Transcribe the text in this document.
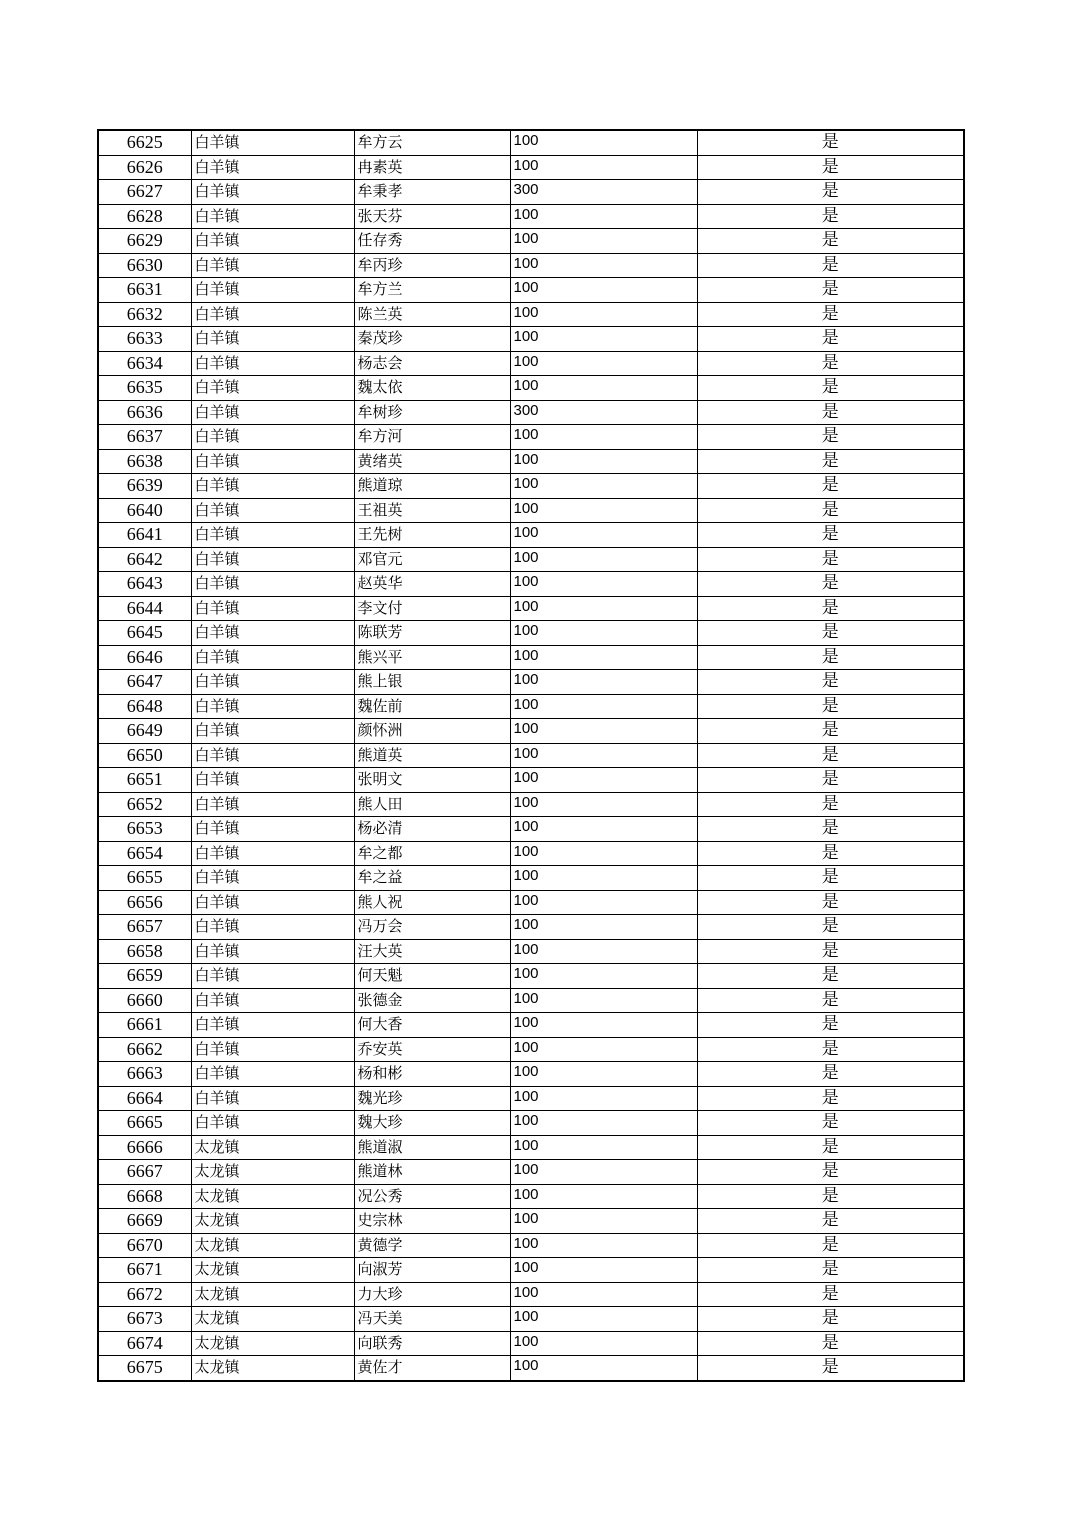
6625	白羊镇	牟方云	100	是
6626	白羊镇	冉素英	100	是
6627	白羊镇	牟秉孝	300	是
6628	白羊镇	张天芬	100	是
6629	白羊镇	任存秀	100	是
6630	白羊镇	牟丙珍	100	是
6631	白羊镇	牟方兰	100	是
6632	白羊镇	陈兰英	100	是
6633	白羊镇	秦茂珍	100	是
6634	白羊镇	杨志会	100	是
6635	白羊镇	魏太依	100	是
6636	白羊镇	牟树珍	300	是
6637	白羊镇	牟方河	100	是
6638	白羊镇	黄绪英	100	是
6639	白羊镇	熊道琼	100	是
6640	白羊镇	王祖英	100	是
6641	白羊镇	王先树	100	是
6642	白羊镇	邓官元	100	是
6643	白羊镇	赵英华	100	是
6644	白羊镇	李文付	100	是
6645	白羊镇	陈联芳	100	是
6646	白羊镇	熊兴平	100	是
6647	白羊镇	熊上银	100	是
6648	白羊镇	魏佐前	100	是
6649	白羊镇	颜怀洲	100	是
6650	白羊镇	熊道英	100	是
6651	白羊镇	张明文	100	是
6652	白羊镇	熊人田	100	是
6653	白羊镇	杨必清	100	是
6654	白羊镇	牟之都	100	是
6655	白羊镇	牟之益	100	是
6656	白羊镇	熊人祝	100	是
6657	白羊镇	冯万会	100	是
6658	白羊镇	汪大英	100	是
6659	白羊镇	何天魁	100	是
6660	白羊镇	张德金	100	是
6661	白羊镇	何大香	100	是
6662	白羊镇	乔安英	100	是
6663	白羊镇	杨和彬	100	是
6664	白羊镇	魏光珍	100	是
6665	白羊镇	魏大珍	100	是
6666	太龙镇	熊道淑	100	是
6667	太龙镇	熊道林	100	是
6668	太龙镇	况公秀	100	是
6669	太龙镇	史宗林	100	是
6670	太龙镇	黄德学	100	是
6671	太龙镇	向淑芳	100	是
6672	太龙镇	力大珍	100	是
6673	太龙镇	冯天美	100	是
6674	太龙镇	向联秀	100	是
6675	太龙镇	黄佐才	100	是
